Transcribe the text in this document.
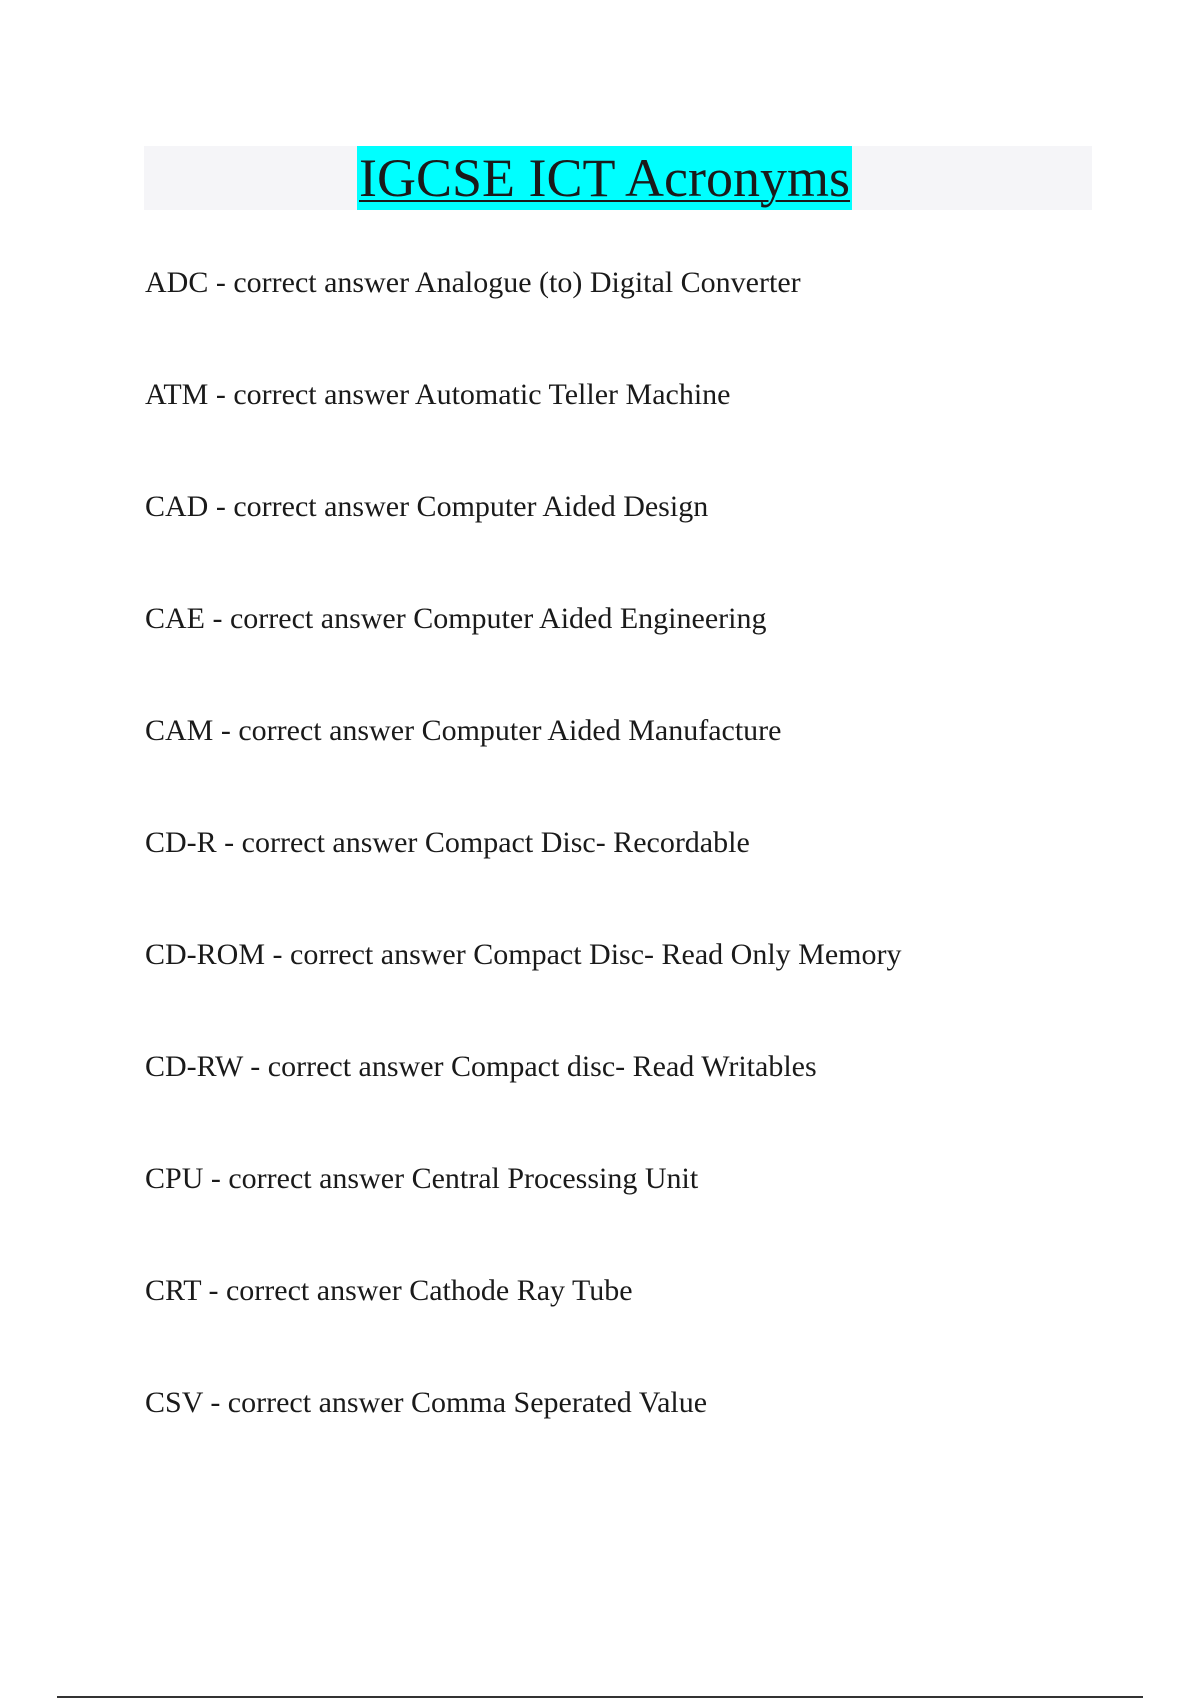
IGCSE ICT Acronyms
ADC - correct answer Analogue (to) Digital Converter
ATM - correct answer Automatic Teller Machine
CAD - correct answer Computer Aided Design
CAE - correct answer Computer Aided Engineering
CAM - correct answer Computer Aided Manufacture
CD-R - correct answer Compact Disc- Recordable
CD-ROM - correct answer Compact Disc- Read Only Memory
CD-RW - correct answer Compact disc- Read Writables
CPU - correct answer Central Processing Unit
CRT - correct answer Cathode Ray Tube
CSV - correct answer Comma Seperated Value
